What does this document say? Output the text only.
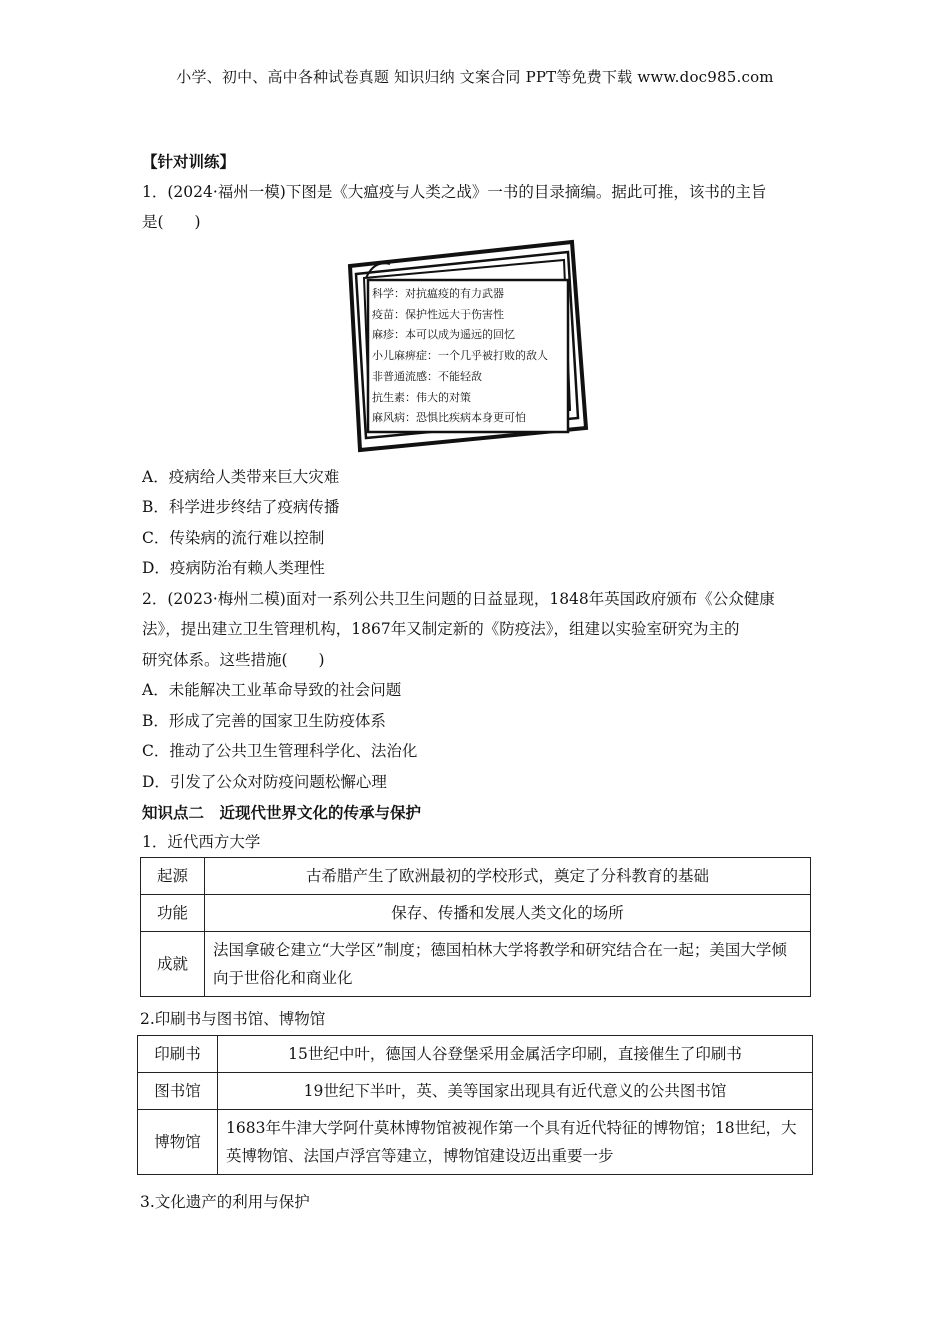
小学、初中、高中各种试卷真题 知识归纳 文案合同 PPT等免费下载 www.doc985.com
【针对训练】
1．(2024·福州一模)下图是《大瘟疫与人类之战》一书的目录摘编。据此可推，该书的主旨
是(　　)
科学：对抗瘟疫的有力武器
疫苗：保护性远大于伤害性
麻疹：本可以成为遥远的回忆
小儿麻痹症：一个几乎被打败的敌人
非普通流感：不能轻敌
抗生素：伟大的对策
麻风病：恐惧比疾病本身更可怕
A．疫病给人类带来巨大灾难
B．科学进步终结了疫病传播
C．传染病的流行难以控制
D．疫病防治有赖人类理性
2．(2023·梅州二模)面对一系列公共卫生问题的日益显现，1848年英国政府颁布《公众健康
法》，提出建立卫生管理机构，1867年又制定新的《防疫法》，组建以实验室研究为主的
研究体系。这些措施(　　)
A．未能解决工业革命导致的社会问题
B．形成了完善的国家卫生防疫体系
C．推动了公共卫生管理科学化、法治化
D．引发了公众对防疫问题松懈心理
知识点二　近现代世界文化的传承与保护
1．近代西方大学
起源	古希腊产生了欧洲最初的学校形式，奠定了分科教育的基础
功能	保存、传播和发展人类文化的场所
成就	法国拿破仑建立“大学区”制度；德国柏林大学将教学和研究结合在一起；美国大学倾向于世俗化和商业化
2.印刷书与图书馆、博物馆
印刷书	15世纪中叶，德国人谷登堡采用金属活字印刷，直接催生了印刷书
图书馆	19世纪下半叶，英、美等国家出现具有近代意义的公共图书馆
博物馆	1683年牛津大学阿什莫林博物馆被视作第一个具有近代特征的博物馆；18世纪，大英博物馆、法国卢浮宫等建立，博物馆建设迈出重要一步
3.文化遗产的利用与保护
